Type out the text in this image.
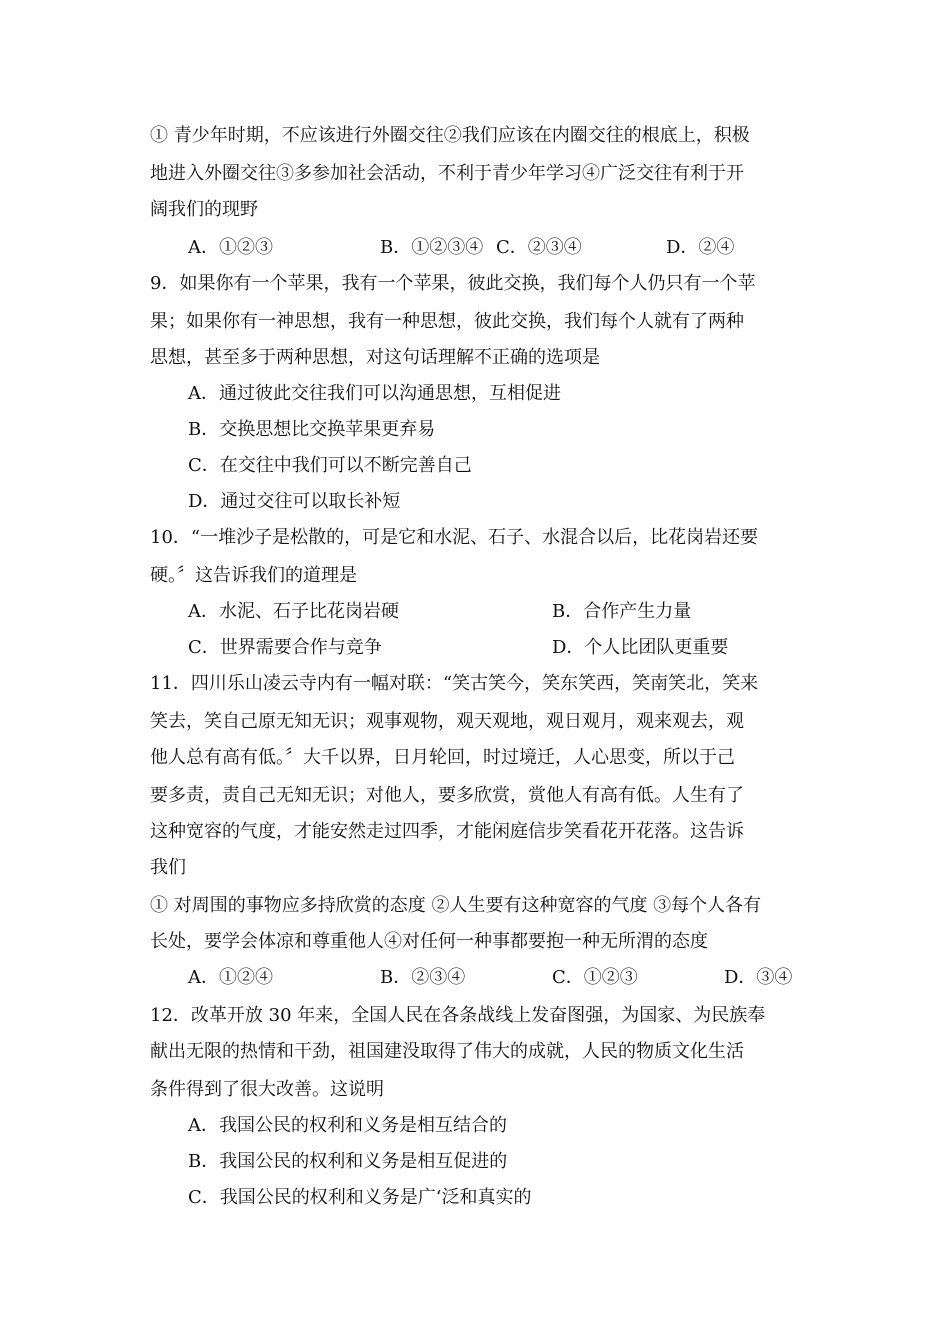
① 青少年时期，不应该进行外圈交往②我们应该在内圈交往的根底上，积极
地进入外圈交往③多参加社会活动，不利于青少年学习④广泛交往有利于开
阔我们的现野
A．①②③	B．①②③④ C．②③④	D．②④
9．如果你有一个苹果，我有一个苹果，彼此交换，我们每个人仍只有一个苹
果；如果你有一神思想，我有一种思想，彼此交换，我们每个人就有了两种
思想，甚至多于两种思想，对这句话理解不正确的选项是
A．通过彼此交往我们可以沟通思想，互相促进
B．交换思想比交换苹果更弃易
C．在交往中我们可以不断完善自己
D．通过交往可以取长补短
10．“一堆沙子是松散的，可是它和水泥、石子、水混合以后，比花岗岩还要
硬。〞这告诉我们的道理是
A．水泥、石子比花岗岩硬	B．合作产生力量
C．世界需要合作与竞争	D．个人比团队更重要
11．四川乐山凌云寺内有一幅对联：“笑古笑今，笑东笑西，笑南笑北，笑来
笑去，笑自己原无知无识；观事观物，观天观地，观日观月，观来观去，观
他人总有高有低。〞大千以界，日月轮回，时过境迁，人心思变，所以于己
要多责，责自己无知无识；对他人，要多欣赏，赏他人有高有低。人生有了
这种宽容的气度，才能安然走过四季，才能闲庭信步笑看花开花落。这告诉
我们
① 对周围的事物应多持欣赏的态度 ②人生要有这种宽容的气度 ③每个人各有
长处，要学会体凉和尊重他人④对任何一种事都要抱一种无所渭的态度
A．①②④	B．②③④	C．①②③	D．③④
12．改革开放 30 年来，全国人民在各条战线上发奋图强，为国家、为民族奉
献出无限的热情和干劲，祖国建没取得了伟大的成就，人民的物质文化生活
条件得到了很大改善。这说明
A．我国公民的权利和义务是相互结合的
B．我国公民的权利和义务是相互促进的
C．我国公民的权利和义务是广‘泛和真实的
